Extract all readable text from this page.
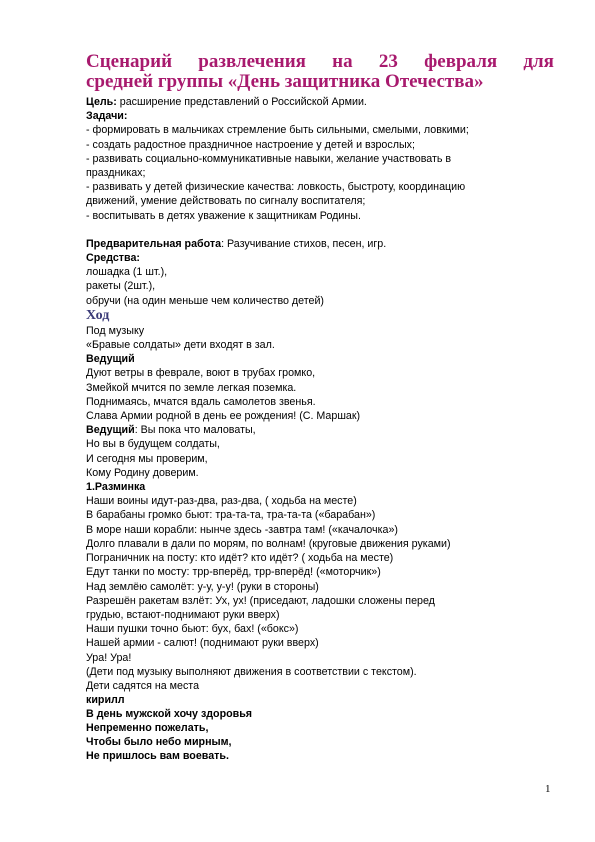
Сценарий развлечения на 23 февраля для
средней группы «День защитника Отечества»
Цель: расширение представлений о Российской Армии.
Задачи:
- формировать в мальчиках стремление быть сильными, смелыми, ловкими;
- создать радостное праздничное настроение у детей и взрослых;
- развивать социально-коммуникативные навыки, желание участвовать в
праздниках;
- развивать у детей физические качества: ловкость, быстроту, координацию
движений, умение действовать по сигналу воспитателя;
- воспитывать в детях уважение к защитникам Родины.
Предварительная работа: Разучивание стихов, песен, игр.
Средства:
лошадка (1 шт.),
ракеты (2шт.),
обручи (на один меньше чем количество детей)
Ход
Под музыку
«Бравые солдаты» дети входят в зал.
Ведущий
Дуют ветры в феврале, воют в трубах громко,
Змейкой мчится по земле легкая поземка.
Поднимаясь, мчатся вдаль самолетов звенья.
Слава Армии родной в день ее рождения! (С. Маршак)
Ведущий: Вы пока что маловаты,
Но вы в будущем солдаты,
И сегодня мы проверим,
Кому Родину доверим.
1.Разминка
Наши воины идут-раз-два, раз-два, ( ходьба на месте)
В барабаны громко бьют: тра-та-та, тра-та-та («барабан»)
В море наши корабли: нынче здесь -завтра там! («качалочка»)
Долго плавали в дали по морям, по волнам! (круговые движения руками)
Пограничник на посту: кто идёт? кто идёт? ( ходьба на месте)
Едут танки по мосту: трр-вперёд, трр-вперёд! («моторчик»)
Над землёю самолёт: у-у, у-у! (руки в стороны)
Разрешён ракетам взлёт: Ух, ух! (приседают, ладошки сложены перед
грудью, встают-поднимают руки вверх)
Наши пушки точно бьют: бух, бах! («бокс»)
Нашей армии - салют! (поднимают руки вверх)
Ура! Ура!
(Дети под музыку выполняют движения в соответствии с текстом).
Дети садятся на места
кирилл
В день мужской хочу здоровья
Непременно пожелать,
Чтобы было небо мирным,
Не пришлось вам воевать.
1
